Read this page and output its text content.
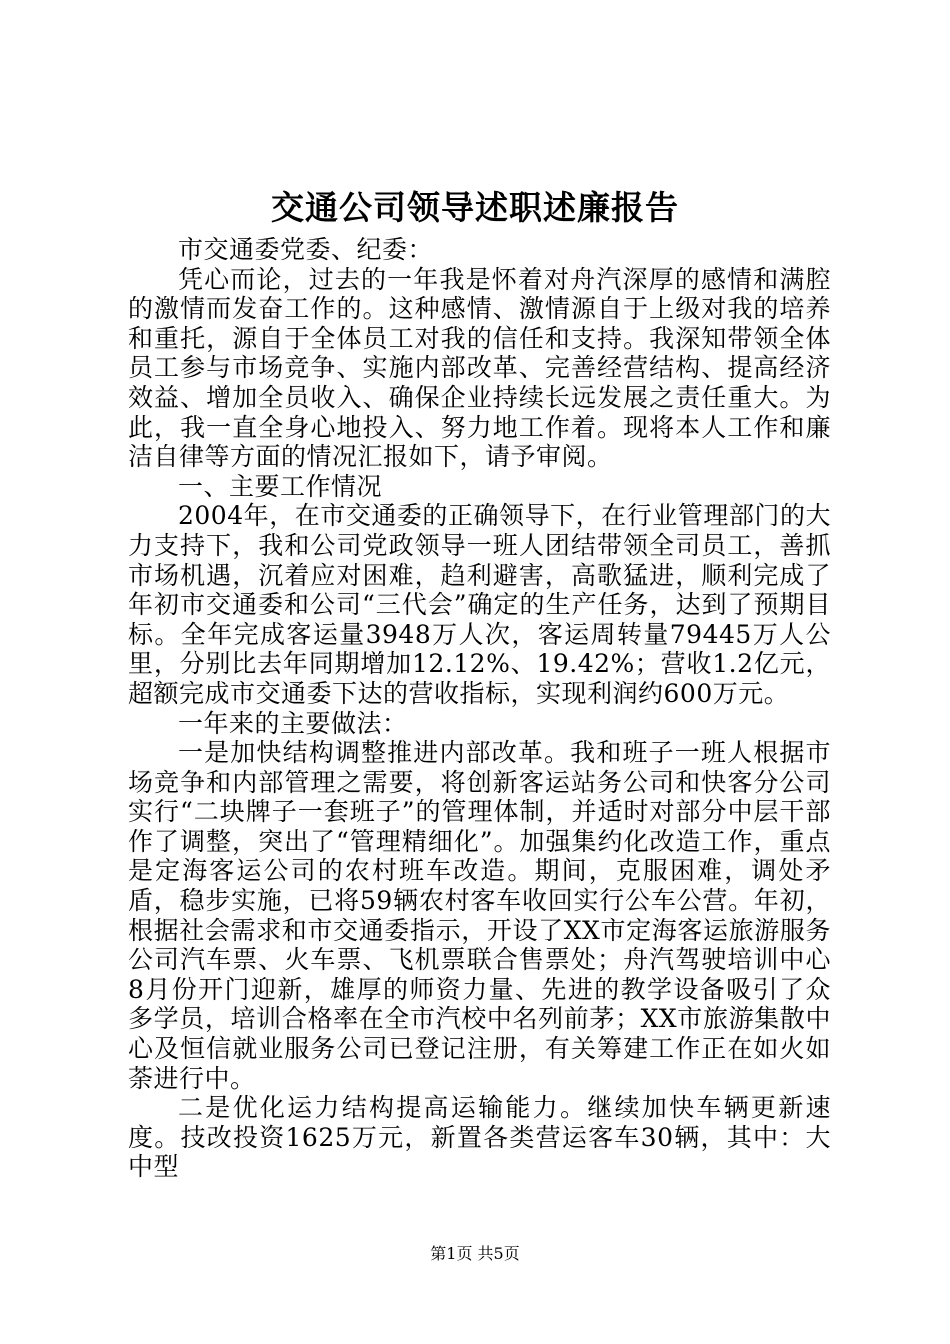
交通公司领导述职述廉报告

市交通委党委、纪委：

凭心而论，过去的一年我是怀着对舟汽深厚的感情和满腔的激情而发奋工作的。这种感情、激情源自于上级对我的培养和重托，源自于全体员工对我的信任和支持。我深知带领全体员工参与市场竞争、实施内部改革、完善经营结构、提高经济效益、增加全员收入、确保企业持续长远发展之责任重大。为此，我一直全身心地投入、努力地工作着。现将本人工作和廉洁自律等方面的情况汇报如下，请予审阅。

一、主要工作情况

2004年，在市交通委的正确领导下，在行业管理部门的大力支持下，我和公司党政领导一班人团结带领全司员工，善抓市场机遇，沉着应对困难，趋利避害，高歌猛进，顺利完成了年初市交通委和公司“三代会”确定的生产任务，达到了预期目标。全年完成客运量3948万人次，客运周转量79445万人公里，分别比去年同期增加12.12%、19.42%；营收1.2亿元，超额完成市交通委下达的营收指标，实现利润约600万元。

一年来的主要做法：

一是加快结构调整推进内部改革。我和班子一班人根据市场竞争和内部管理之需要，将创新客运站务公司和快客分公司实行“二块牌子一套班子”的管理体制，并适时对部分中层干部作了调整，突出了“管理精细化”。加强集约化改造工作，重点是定海客运公司的农村班车改造。期间，克服困难，调处矛盾，稳步实施，已将59辆农村客车收回实行公车公营。年初，根据社会需求和市交通委指示，开设了XX市定海客运旅游服务公司汽车票、火车票、飞机票联合售票处；舟汽驾驶培训中心8月份开门迎新，雄厚的师资力量、先进的教学设备吸引了众多学员，培训合格率在全市汽校中名列前茅；XX市旅游集散中心及恒信就业服务公司已登记注册，有关筹建工作正在如火如荼进行中。

二是优化运力结构提高运输能力。继续加快车辆更新速度。技改投资1625万元，新置各类营运客车30辆，其中：大中型

第1页 共5页
